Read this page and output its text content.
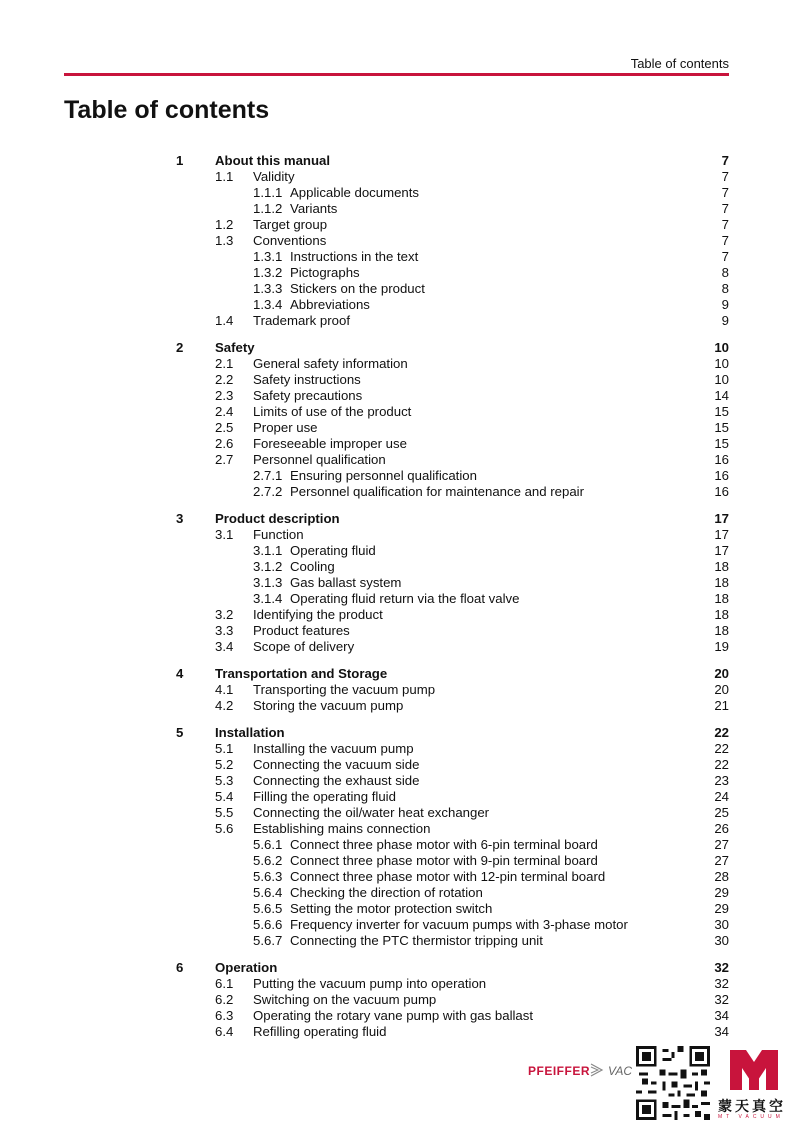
Table of contents
Table of contents
1 About this manual	7
1.1 Validity	7
1.1.1 Applicable documents	7
1.1.2 Variants	7
1.2 Target group	7
1.3 Conventions	7
1.3.1 Instructions in the text	7
1.3.2 Pictographs	8
1.3.3 Stickers on the product	8
1.3.4 Abbreviations	9
1.4 Trademark proof	9
2 Safety	10
2.1 General safety information	10
2.2 Safety instructions	10
2.3 Safety precautions	14
2.4 Limits of use of the product	15
2.5 Proper use	15
2.6 Foreseeable improper use	15
2.7 Personnel qualification	16
2.7.1 Ensuring personnel qualification	16
2.7.2 Personnel qualification for maintenance and repair	16
3 Product description	17
3.1 Function	17
3.1.1 Operating fluid	17
3.1.2 Cooling	18
3.1.3 Gas ballast system	18
3.1.4 Operating fluid return via the float valve	18
3.2 Identifying the product	18
3.3 Product features	18
3.4 Scope of delivery	19
4 Transportation and Storage	20
4.1 Transporting the vacuum pump	20
4.2 Storing the vacuum pump	21
5 Installation	22
5.1 Installing the vacuum pump	22
5.2 Connecting the vacuum side	22
5.3 Connecting the exhaust side	23
5.4 Filling the operating fluid	24
5.5 Connecting the oil/water heat exchanger	25
5.6 Establishing mains connection	26
5.6.1 Connect three phase motor with 6-pin terminal board	27
5.6.2 Connect three phase motor with 9-pin terminal board	27
5.6.3 Connect three phase motor with 12-pin terminal board	28
5.6.4 Checking the direction of rotation	29
5.6.5 Setting the motor protection switch	29
5.6.6 Frequency inverter for vacuum pumps with 3-phase motor	30
5.6.7 Connecting the PTC thermistor tripping unit	30
6 Operation	32
6.1 Putting the vacuum pump into operation	32
6.2 Switching on the vacuum pump	32
6.3 Operating the rotary vane pump with gas ballast	34
6.4 Refilling operating fluid	34
PFEIFFER VAC
蒙天真空
MT VACUUM
